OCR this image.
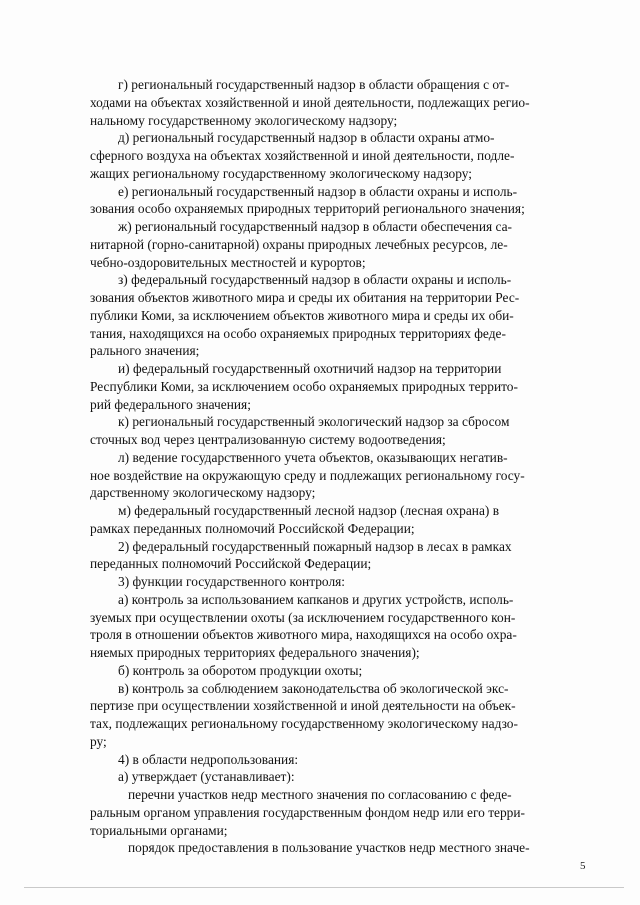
г) региональный государственный надзор в области обращения с от-
ходами на объектах хозяйственной и иной деятельности, подлежащих регио-
нальному государственному экологическому надзору;

д) региональный государственный надзор в области охраны атмо-
сферного воздуха на объектах хозяйственной и иной деятельности, подле-
жащих региональному государственному экологическому надзору;

е) региональный государственный надзор в области охраны и исполь-
зования особо охраняемых природных территорий регионального значения;

ж) региональный государственный надзор в области обеспечения са-
нитарной (горно-санитарной) охраны природных лечебных ресурсов, ле-
чебно-оздоровительных местностей и курортов;

з) федеральный государственный надзор в области охраны и исполь-
зования объектов животного мира и среды их обитания на территории Рес-
публики Коми, за исключением объектов животного мира и среды их оби-
тания, находящихся на особо охраняемых природных территориях феде-
рального значения;

и) федеральный государственный охотничий надзор на территории
Республики Коми, за исключением особо охраняемых природных террито-
рий федерального значения;

к) региональный государственный экологический надзор за сбросом
сточных вод через централизованную систему водоотведения;

л) ведение государственного учета объектов, оказывающих негатив-
ное воздействие на окружающую среду и подлежащих региональному госу-
дарственному экологическому надзору;

м) федеральный государственный лесной надзор (лесная охрана) в
рамках переданных полномочий Российской Федерации;

2) федеральный государственный пожарный надзор в лесах в рамках
переданных полномочий Российской Федерации;

3) функции государственного контроля:

а) контроль за использованием капканов и других устройств, исполь-
зуемых при осуществлении охоты (за исключением государственного кон-
троля в отношении объектов животного мира, находящихся на особо охра-
няемых природных территориях федерального значения);

б) контроль за оборотом продукции охоты;

в) контроль за соблюдением законодательства об экологической экс-
пертизе при осуществлении хозяйственной и иной деятельности на объек-
тах, подлежащих региональному государственному экологическому надзо-
ру;

4) в области недропользования:

а) утверждает (устанавливает):

перечни участков недр местного значения по согласованию с феде-
ральным органом управления государственным фондом недр или его терри-
ториальными органами;

порядок предоставления в пользование участков недр местного значе-

5
